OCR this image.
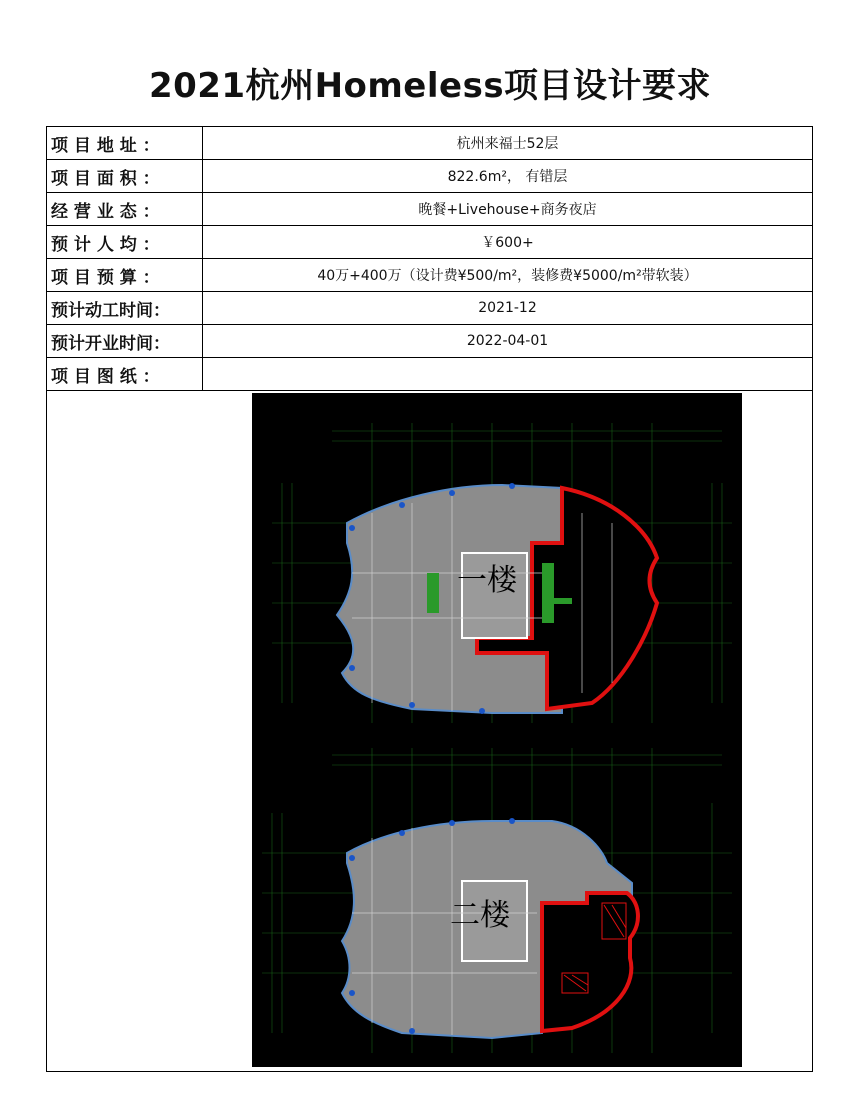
2021杭州Homeless项目设计要求
项 目 地 址 ：	杭州来福士52层
项 目 面 积 ：	822.6m²， 有错层
经 营 业 态 ：	晚餐+Livehouse+商务夜店
预 计 人 均 ：	￥600+
项 目 预 算 ：	40万+400万（设计费¥500/m²，装修费¥5000/m²带软装）
预计动工时间：	2021-12
预计开业时间：	2022-04-01
项 目 图 纸 ：
一楼
二楼
